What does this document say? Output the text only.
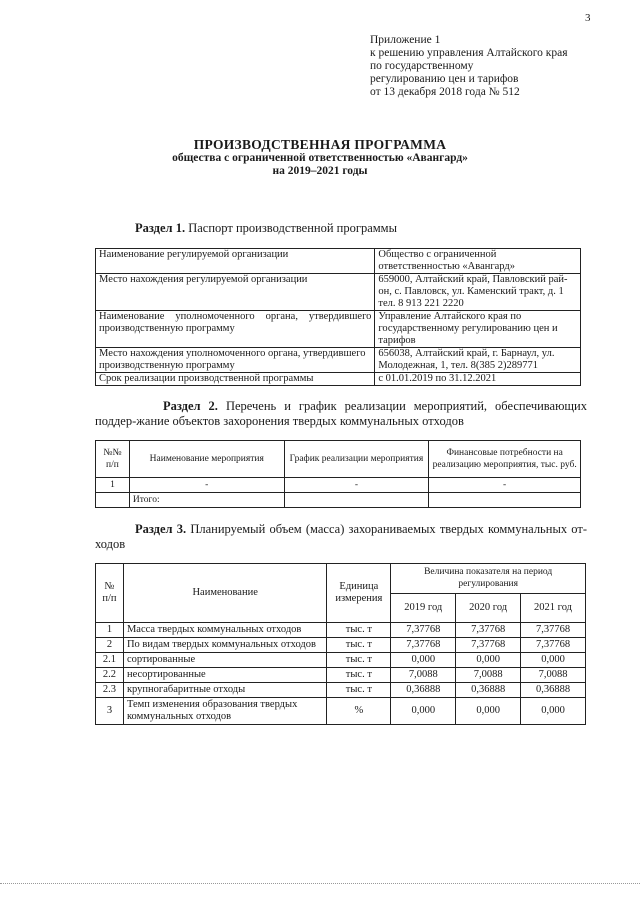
3
Приложение 1
к решению управления Алтайского края
по государственному
регулированию цен и тарифов
от 13 декабря 2018 года № 512
ПРОИЗВОДСТВЕННАЯ ПРОГРАММА
общества с ограниченной ответственностью «Авангард»
на 2019–2021 годы
Раздел 1. Паспорт производственной программы
Наименование регулируемой организации	Общество с ограниченной ответственностью «Авангард»
Место нахождения регулируемой организации	659000, Алтайский край, Павловский рай-он, с. Павловск, ул. Каменский тракт, д. 1 тел. 8 913 221 2220
Наименование уполномоченного органа, утвердившего производственную программу	Управление Алтайского края по государственному регулированию цен и тарифов
Место нахождения уполномоченного органа, утвердившего производственную программу	656038, Алтайский край, г. Барнаул, ул. Молодежная, 1, тел. 8(385 2)289771
Срок реализации производственной программы	с 01.01.2019 по 31.12.2021
Раздел 2. Перечень и график реализации мероприятий, обеспечивающих поддер-жание объектов захоронения твердых коммунальных отходов
№№ п/п	Наименование мероприятия	График реализации мероприятия	Финансовые потребности на реализацию мероприятия, тыс. руб.
1	-	-	-
	Итого:		
Раздел 3. Планируемый объем (масса) захораниваемых твердых коммунальных от-ходов
№ п/п	Наименование	Единица измерения	Величина показателя на период регулирования		
			2019 год	2020 год	2021 год
1	Масса твердых коммунальных отходов	тыс. т	7,37768	7,37768	7,37768
2	По видам твердых коммунальных отходов	тыс. т	7,37768	7,37768	7,37768
2.1	сортированные	тыс. т	0,000	0,000	0,000
2.2	несортированные	тыс. т	7,0088	7,0088	7,0088
2.3	крупногабаритные отходы	тыс. т	0,36888	0,36888	0,36888
3	Темп изменения образования твердых коммунальных отходов	%	0,000	0,000	0,000
